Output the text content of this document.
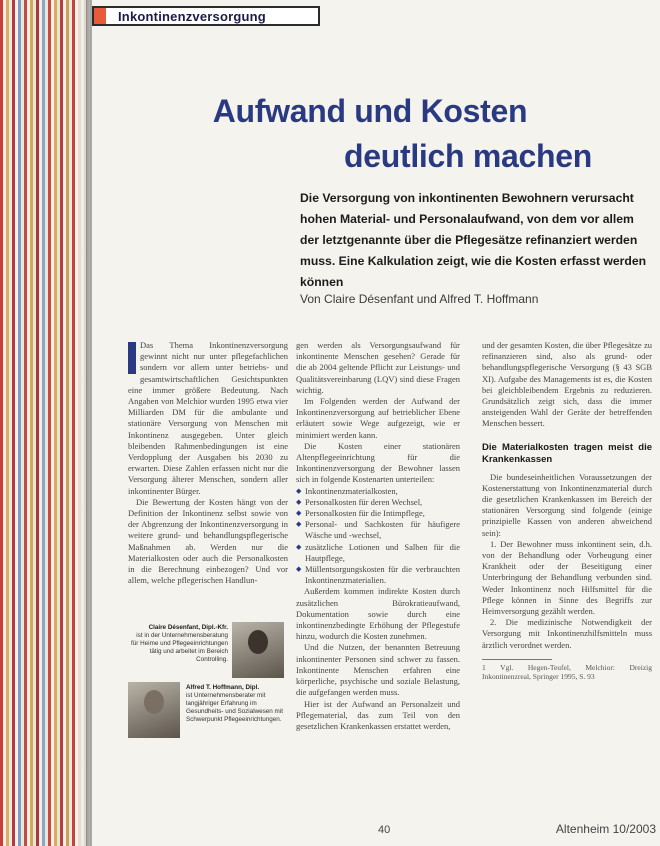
Inkontinenzversorgung
Aufwand und Kosten
deutlich machen
Die Versorgung von inkontinenten Bewohnern verursacht hohen Material- und Personalaufwand, von dem vor allem der letztgenannte über die Pflegesätze refinanziert werden muss. Eine Kalkulation zeigt, wie die Kosten erfasst werden können
Von Claire Désenfant und Alfred T. Hoffmann

Das Thema Inkontinenzversorgung gewinnt nicht nur unter pflegefachlichen sondern vor allem unter betriebs- und gesamtwirtschaftlichen Gesichtspunkten eine immer größere Bedeutung. Nach Angaben von Melchior wurden 1995 etwa vier Milliarden DM für die ambulante und stationäre Versorgung von Menschen mit Inkontinenz ausgegeben. Unter gleich bleibenden Rahmenbedingungen ist eine Verdopplung der Ausgaben bis 2030 zu erwarten. Diese Zahlen erfassen nicht nur die Versorgung älterer Menschen, sondern aller inkontinenter Bürger.

Die Bewertung der Kosten hängt von der Definition der Inkontinenz selbst sowie von der Abgrenzung der Inkontinenzversorgung in weitere grund- und behandlungspflegerische Maßnahmen ab. Werden nur die Materialkosten oder auch die Personalkosten in die Berechnung einbezogen? Und vor allem, welche pflegerischen Handlun-

gen werden als Versorgungsaufwand für inkontinente Menschen gesehen? Gerade für die ab 2004 geltende Pflicht zur Leistungs- und Qualitätsvereinbarung (LQV) sind diese Fragen wichtig.

Im Folgenden werden der Aufwand der Inkontinenzversorgung auf betrieblicher Ebene erläutert sowie Wege aufgezeigt, wie er minimiert werden kann.

Die Kosten einer stationären Altenpflegeeinrichtung für die Inkontinenzversorgung der Bewohner lassen sich in folgende Kostenarten unterteilen:

◆ Inkontinenzmaterialkosten,
◆ Personalkosten für deren Wechsel,
◆ Personalkosten für die Intimpflege,
◆ Personal- und Sachkosten für häufigere Wäsche und -wechsel,
◆ zusätzliche Lotionen und Salben für die Hautpflege,
◆ Müllentsorgungskosten für die verbrauchten Inkontinenzmaterialien.

Außerdem kommen indirekte Kosten durch zusätzlichen Bürokratieaufwand, Dokumentation sowie durch eine inkontinenzbedingte Erhöhung der Pflegestufe hinzu, wodurch die Kosten zunehmen.

Und die Nutzen, der benannten Betreuung inkontinenter Personen sind schwer zu fassen. Inkontinente Menschen erfahren eine körperliche, psychische und soziale Belastung, die aufgefangen werden muss.

Hier ist der Aufwand an Personalzeit und Pflegematerial, das zum Teil von den gesetzlichen Krankenkassen erstattet werden,

und der gesamten Kosten, die über Pflegesätze zu refinanzieren sind, also als grund- oder behandlungspflegerische Versorgung (§ 43 SGB XI). Aufgabe des Managements ist es, die Kosten bei gleichbleibendem Ergebnis zu reduzieren. Grundsätzlich zeigt sich, dass die immer ansteigenden Wahl der Geräte der betreffenden Menschen bessert.

Die Materialkosten tragen meist die Krankenkassen

Die bundeseinheitlichen Voraussetzungen der Kostenerstattung von Inkontinenzmaterial durch die gesetzlichen Krankenkassen im Bereich der stationären Versorgung sind folgende (einige prinzipielle Kassen von anderen abweichend sein):

1. Der Bewohner muss inkontinent sein, d.h. von der Behandlung oder Vorbeugung einer Krankheit oder der Beseitigung einer Unterbringung der Behandlung verbunden sind. Weder Inkontinenz noch Hilfsmittel für die Pflege können in Sinne des Begriffs zur Heimversorgung gezählt werden.

2. Die medizinische Notwendigkeit der Versorgung mit Inkontinenzhilfsmitteln muss ärztlich verordnet werden.

1 Vgl. Hegen-Teufel, Melchior: Dreizig Inkontinenzreal, Springer 1995, S. 93
Claire Désenfant, Dipl.-Kfr.
ist in der Unternehmensberatung für Heime und Pflegeeinrichtungen tätig und arbeitet im Bereich Controlling.
Alfred T. Hoffmann, Dipl.
ist Unternehmensberater mit langjähriger Erfahrung im Gesundheits- und Sozialwesen mit Schwerpunkt Pflegeeinrichtungen.
40	Altenheim 10/2003
